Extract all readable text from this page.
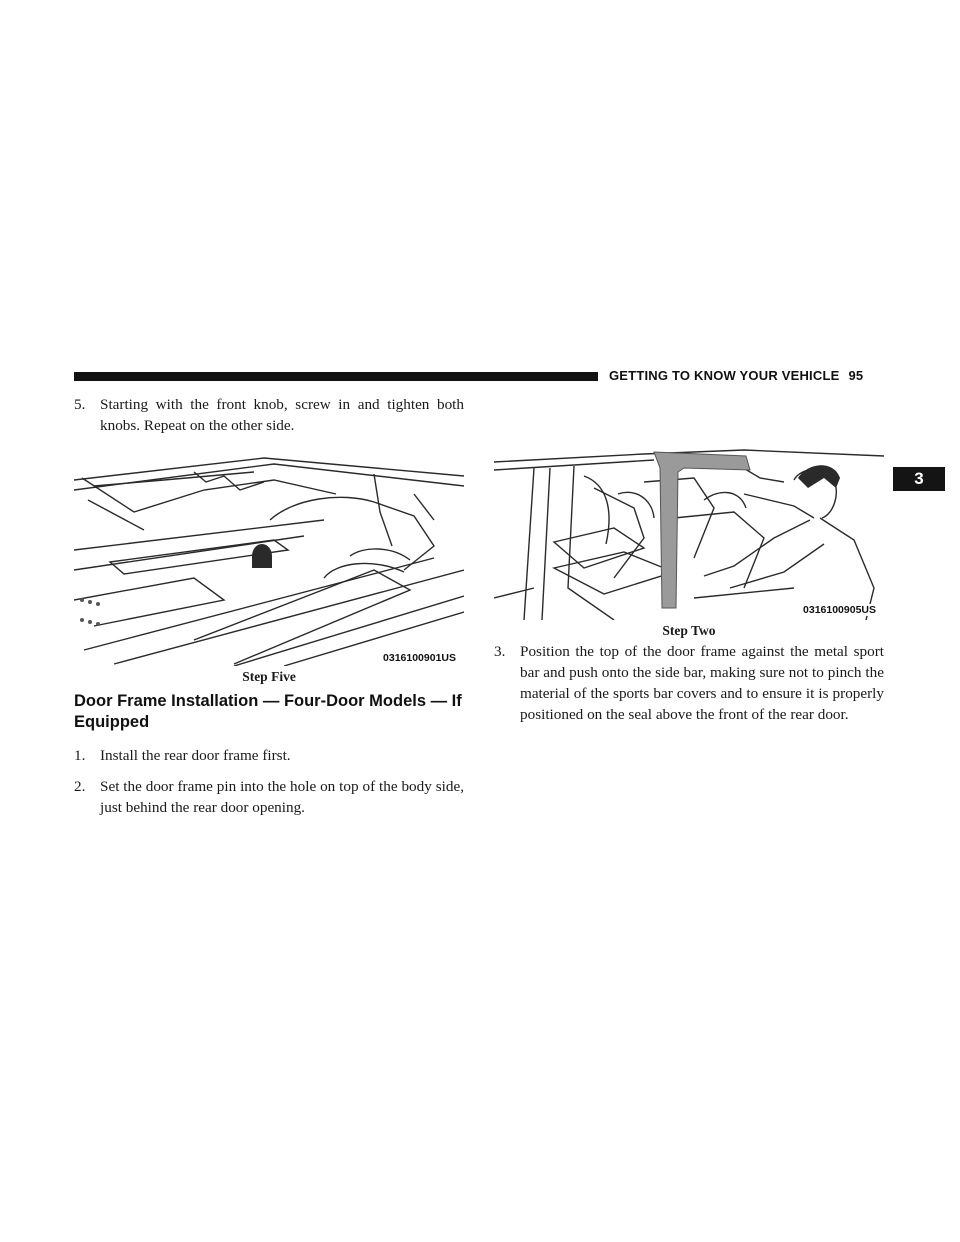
GETTING TO KNOW YOUR VEHICLE 95
3

5. Starting with the front knob, screw in and tighten both knobs. Repeat on the other side.

0316100901US

Step Five

Door Frame Installation — Four-Door Models — If Equipped

1. Install the rear door frame first.

2. Set the door frame pin into the hole on top of the body side, just behind the rear door opening.

0316100905US

Step Two

3. Position the top of the door frame against the metal sport bar and push onto the side bar, making sure not to pinch the material of the sports bar covers and to ensure it is properly positioned on the seal above the front of the rear door.
